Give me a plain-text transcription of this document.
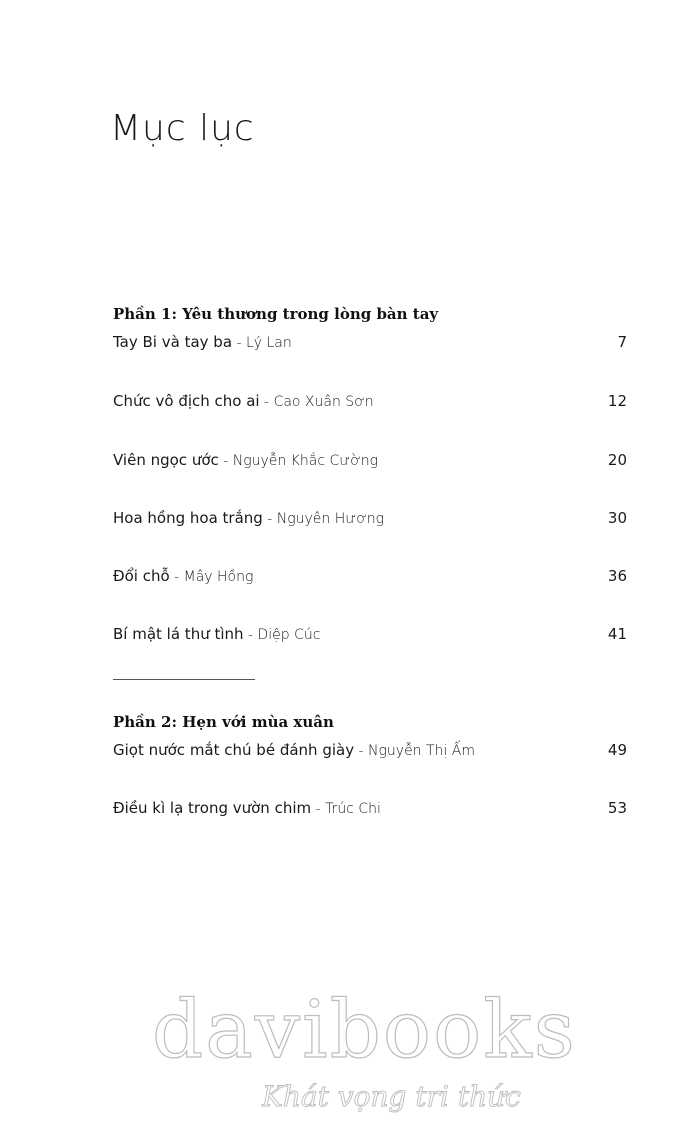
Mục lục
Phần 1: Yêu thương trong lòng bàn tay
Tay Bi và tay ba - Lý Lan	7
Chức vô địch cho ai - Cao Xuân Sơn	12
Viên ngọc ước - Nguyễn Khắc Cường	20
Hoa hồng hoa trắng - Nguyên Hương	30
Đổi chỗ - Mây Hồng	36
Bí mật lá thư tình - Diệp Cúc	41
Phần 2: Hẹn với mùa xuân
Giọt nước mắt chú bé đánh giày - Nguyễn Thị Ấm	49
Điều kì lạ trong vườn chim - Trúc Chi	53
davibooks
Khát vọng tri thức
